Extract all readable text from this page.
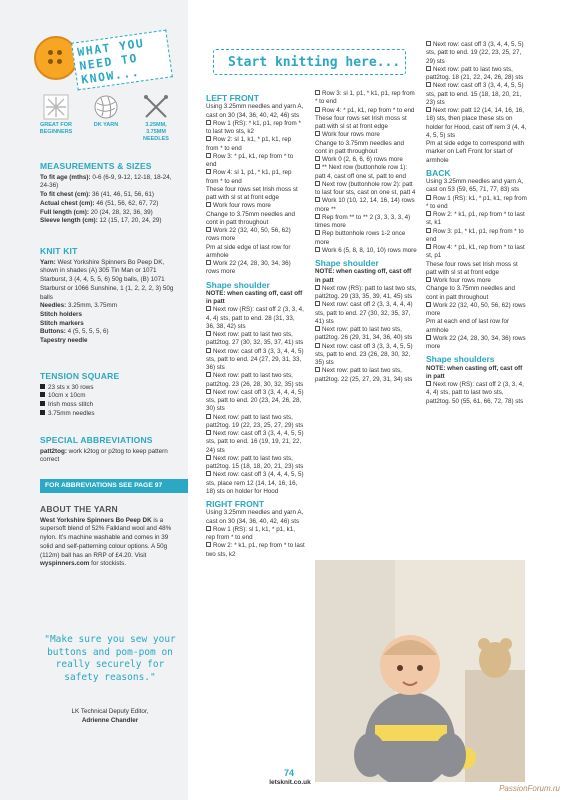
WHAT YOU NEED TO KNOW...
GREAT FOR BEGINNERS
DK YARN	3.25MM, 3.75MM NEEDLES
MEASUREMENTS & SIZES
To fit age (mths): 0-6 (6-9, 9-12, 12-18, 18-24, 24-36)
To fit chest (cm): 36 (41, 46, 51, 56, 61)
Actual chest (cm): 46 (51, 56, 62, 67, 72)
Full length (cm): 20 (24, 28, 32, 36, 39)
Sleeve length (cm): 12 (15, 17, 20, 24, 29)
KNIT KIT
Yarn: West Yorkshire Spinners Bo Peep DK, shown in shades (A) 305 Tin Man or 1071 Starburst, 3 (4, 4, 5, 5, 6) 50g balls, (B) 1071 Starburst or 1066 Sunshine, 1 (1, 2, 2, 2, 3) 50g balls
Needles: 3.25mm, 3.75mm
Stitch holders
Stitch markers
Buttons: 4 (5, 5, 5, 5, 6)
Tapestry needle
TENSION SQUARE
23 sts x 30 rows
10cm x 10cm
Irish moss stitch
3.75mm needles
SPECIAL ABBREVIATIONS
patt2tog: work k2tog or p2tog to keep pattern correct
FOR ABBREVIATIONS SEE PAGE 97
ABOUT THE YARN
West Yorkshire Spinners Bo Peep DK is a supersoft blend of 52% Falkland wool and 48% nylon. It's machine washable and comes in 39 solid and self-patterning colour options. A 50g (112m) ball has an RRP of £4.20. Visit wyspinners.com for stockists.
"Make sure you sew your buttons and pom-pom on really securely for safety reasons."
LK Technical Deputy Editor,
Adrienne Chandler
Start knitting here...
LEFT FRONT

Using 3.25mm needles and yarn A, cast on 30 (34, 36, 40, 42, 46) sts

Row 1 (RS): * k1, p1, rep from * to last two sts, k2

Row 2: sl 1, k1, * p1, k1, rep from * to end

Row 3: * p1, k1, rep from * to end

Row 4: sl 1, p1, * k1, p1, rep from * to end

These four rows set Irish moss st patt with sl st at front edge

Work four rows more

Change to 3.75mm needles and cont in patt throughout

Work 22 (32, 40, 50, 56, 62) rows more

Pm at side edge of last row for armhole

Work 22 (24, 28, 30, 34, 36) rows more

Shape shoulder

NOTE: when casting off, cast off in patt

Next row (RS): cast off 2 (3, 3, 4, 4, 4) sts, patt to end. 28 (31, 33, 36, 38, 42) sts

Next row: patt to last two sts, patt2tog. 27 (30, 32, 35, 37, 41) sts

Next row: cast off 3 (3, 3, 4, 4, 5) sts, patt to end. 24 (27, 29, 31, 33, 36) sts

Next row: patt to last two sts, patt2tog. 23 (26, 28, 30, 32, 35) sts

Next row: cast off 3 (3, 4, 4, 4, 5) sts, patt to end. 20 (23, 24, 26, 28, 30) sts

Next row: patt to last two sts, patt2tog. 19 (22, 23, 25, 27, 29) sts

Next row: cast off 3 (3, 4, 4, 5, 5) sts, patt to end. 16 (19, 19, 21, 22, 24) sts

Next row: patt to last two sts, patt2tog. 15 (18, 18, 20, 21, 23) sts

Next row: cast off 3 (4, 4, 4, 5, 5) sts, place rem 12 (14, 14, 16, 16, 18) sts on holder for Hood

RIGHT FRONT

Using 3.25mm needles and yarn A, cast on 30 (34, 36, 40, 42, 46) sts

Row 1 (RS): sl 1, k1, * p1, k1, rep from * to end

Row 2: * k1, p1, rep from * to last two sts, k2

Row 3: sl 1, p1, * k1, p1, rep from * to end

Row 4: * p1, k1, rep from * to end

These four rows set Irish moss st patt with sl st at front edge

Work four rows more

Change to 3.75mm needles and cont in patt throughout

Work 0 (2, 6, 6, 6) rows more

** Next row (buttonhole row 1): patt 4, cast off one st, patt to end

Next row (buttonhole row 2): patt to last four sts, cast on one st, patt 4

Work 10 (10, 12, 14, 16, 14) rows more **

Rep from ** to ** 2 (3, 3, 3, 3, 4) times more

Rep buttonhole rows 1-2 once more

Work 6 (5, 8, 8, 10, 10) rows more

Shape shoulder

NOTE: when casting off, cast off in patt

Next row (RS): patt to last two sts, patt2tog. 29 (33, 35, 39, 41, 45) sts

Next row: cast off 2 (3, 3, 4, 4, 4) sts, patt to end. 27 (30, 32, 35, 37, 41) sts

Next row: patt to last two sts, patt2tog. 26 (29, 31, 34, 36, 40) sts

Next row: cast off 3 (3, 3, 4, 5, 5) sts, patt to end. 23 (26, 28, 30, 32, 35) sts

Next row: patt to last two sts, patt2tog. 22 (25, 27, 29, 31, 34) sts

Next row: cast off 3 (3, 4, 4, 5, 5) sts, patt to end. 19 (22, 23, 25, 27, 29) sts

Next row: patt to last two sts, patt2tog. 18 (21, 22, 24, 26, 28) sts

Next row: cast off 3 (3, 4, 4, 5, 5) sts, patt to end. 15 (18, 18, 20, 21, 23) sts

Next row: patt 12 (14, 14, 16, 16, 18) sts, then place these sts on holder for Hood, cast off rem 3 (4, 4, 4, 5, 5) sts

Pm at side edge to correspond with marker on Left Front for start of armhole

BACK

Using 3.25mm needles and yarn A, cast on 53 (59, 65, 71, 77, 83) sts

Row 1 (RS): k1, * p1, k1, rep from * to end

Row 2: * k1, p1, rep from * to last st, k1

Row 3: p1, * k1, p1, rep from * to end

Row 4: * p1, k1, rep from * to last st, p1

These four rows set Irish moss st patt with sl st at front edge

Work four rows more

Change to 3.75mm needles and cont in patt throughout

Work 22 (32, 40, 50, 56, 62) rows more

Pm at each end of last row for armhole

Work 22 (24, 28, 30, 34, 36) rows more

Shape shoulders

NOTE: when casting off, cast off in patt

Next row (RS): cast off 2 (3, 3, 4, 4, 4) sts, patt to last two sts, patt2tog. 50 (55, 61, 66, 72, 78) sts

74
letsknit.co.uk
PassionForum.ru
